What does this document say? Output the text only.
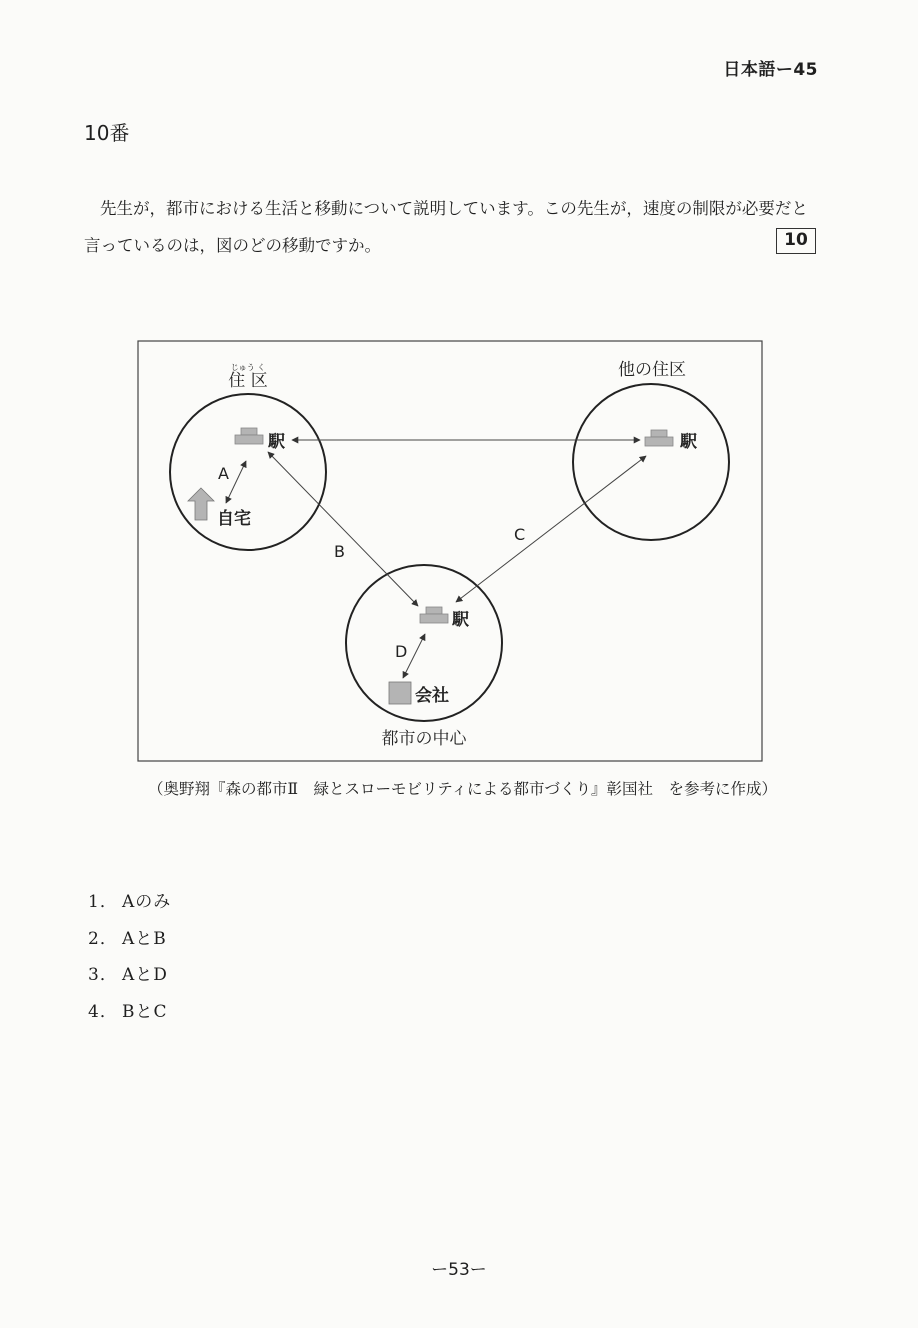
日本語ー45
10番
先生が，都市における生活と移動について説明しています。この先生が，速度の制限が必要だと言っているのは，図のどの移動ですか。	10
じゅう く
住 区
他の住区
都市の中心
駅	駅
駅
自宅
会社
A
B
C
D
（奥野翔『森の都市Ⅱ　緑とスローモビリティによる都市づくり』彰国社　を参考に作成）
1． Aのみ
2． AとB
3． AとD
4． BとC
ー53ー
